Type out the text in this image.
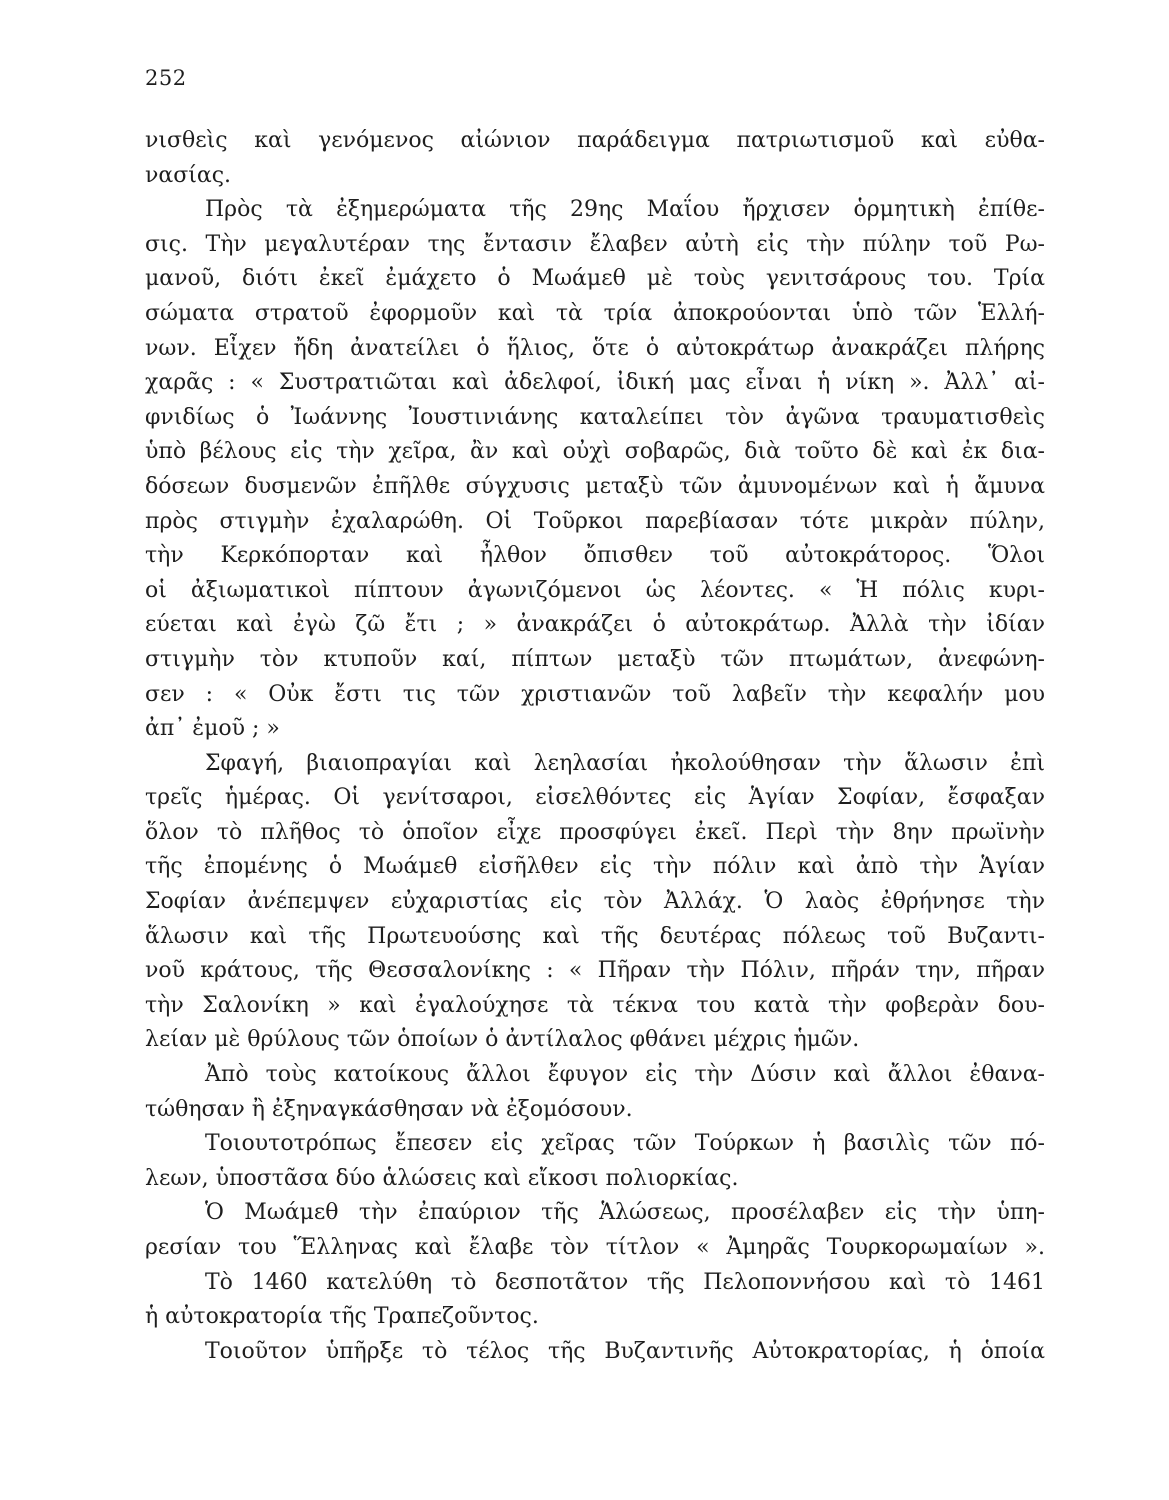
252
νισθεὶς καὶ γενόμενος αἰώνιον παράδειγμα πατριωτισμοῦ καὶ εὐθα-
νασίας.
Πρὸς τὰ ἐξημερώματα τῆς 29ης Μαΐου ἤρχισεν ὁρμητικὴ ἐπίθε-
σις. Τὴν μεγαλυτέραν της ἔντασιν ἔλαβεν αὐτὴ εἰς τὴν πύλην τοῦ Ρω-
μανοῦ, διότι ἐκεῖ ἐμάχετο ὁ Μωάμεθ μὲ τοὺς γενιτσάρους του. Τρία
σώματα στρατοῦ ἐφορμοῦν καὶ τὰ τρία ἀποκρούονται ὑπὸ τῶν Ἑλλή-
νων. Εἶχεν ἤδη ἀνατείλει ὁ ἥλιος, ὅτε ὁ αὐτοκράτωρ ἀνακράζει πλήρης
χαρᾶς : « Συστρατιῶται καὶ ἀδελφοί, ἰδική μας εἶναι ἡ νίκη ». Ἀλλ᾽ αἰ-
φνιδίως ὁ Ἰωάννης Ἰουστινιάνης καταλείπει τὸν ἀγῶνα τραυματισθεὶς
ὑπὸ βέλους εἰς τὴν χεῖρα, ἂν καὶ οὐχὶ σοβαρῶς, διὰ τοῦτο δὲ καὶ ἐκ δια-
δόσεων δυσμενῶν ἐπῆλθε σύγχυσις μεταξὺ τῶν ἀμυνομένων καὶ ἡ ἄμυνα
πρὸς στιγμὴν ἐχαλαρώθη. Οἱ Τοῦρκοι παρεβίασαν τότε μικρὰν πύλην,
τὴν Κερκόπορταν καὶ ἦλθον ὄπισθεν τοῦ αὐτοκράτορος. Ὅλοι
οἱ ἀξιωματικοὶ πίπτουν ἀγωνιζόμενοι ὡς λέοντες. « Ἡ πόλις κυρι-
εύεται καὶ ἐγὼ ζῶ ἔτι ; » ἀνακράζει ὁ αὐτοκράτωρ. Ἀλλὰ τὴν ἰδίαν
στιγμὴν τὸν κτυποῦν καί, πίπτων μεταξὺ τῶν πτωμάτων, ἀνεφώνη-
σεν : « Οὐκ ἔστι τις τῶν χριστιανῶν τοῦ λαβεῖν τὴν κεφαλήν μου
ἀπ᾽ ἐμοῦ ; »
Σφαγή, βιαιοπραγίαι καὶ λεηλασίαι ἠκολούθησαν τὴν ἅλωσιν ἐπὶ
τρεῖς ἡμέρας. Οἱ γενίτσαροι, εἰσελθόντες εἰς Ἁγίαν Σοφίαν, ἔσφαξαν
ὅλον τὸ πλῆθος τὸ ὁποῖον εἶχε προσφύγει ἐκεῖ. Περὶ τὴν 8ην πρωϊνὴν
τῆς ἐπομένης ὁ Μωάμεθ εἰσῆλθεν εἰς τὴν πόλιν καὶ ἀπὸ τὴν Ἁγίαν
Σοφίαν ἀνέπεμψεν εὐχαριστίας εἰς τὸν Ἀλλάχ. Ὁ λαὸς ἐθρήνησε τὴν
ἅλωσιν καὶ τῆς Πρωτευούσης καὶ τῆς δευτέρας πόλεως τοῦ Βυζαντι-
νοῦ κράτους, τῆς Θεσσαλονίκης : « Πῆραν τὴν Πόλιν, πῆράν την, πῆραν
τὴν Σαλονίκη » καὶ ἐγαλούχησε τὰ τέκνα του κατὰ τὴν φοβερὰν δου-
λείαν μὲ θρύλους τῶν ὁποίων ὁ ἀντίλαλος φθάνει μέχρις ἡμῶν.
Ἀπὸ τοὺς κατοίκους ἄλλοι ἔφυγον εἰς τὴν Δύσιν καὶ ἄλλοι ἐθανα-
τώθησαν ἢ ἐξηναγκάσθησαν νὰ ἐξομόσουν.
Τοιουτοτρόπως ἔπεσεν εἰς χεῖρας τῶν Τούρκων ἡ βασιλὶς τῶν πό-
λεων, ὑποστᾶσα δύο ἁλώσεις καὶ εἴκοσι πολιορκίας.
Ὁ Μωάμεθ τὴν ἐπαύριον τῆς Ἁλώσεως, προσέλαβεν εἰς τὴν ὑπη-
ρεσίαν του Ἕλληνας καὶ ἔλαβε τὸν τίτλον « Ἀμηρᾶς Τουρκορωμαίων ».
Τὸ 1460 κατελύθη τὸ δεσποτᾶτον τῆς Πελοποννήσου καὶ τὸ 1461
ἡ αὐτοκρατορία τῆς Τραπεζοῦντος.
Τοιοῦτον ὑπῆρξε τὸ τέλος τῆς Βυζαντινῆς Αὐτοκρατορίας, ἡ ὁποία
